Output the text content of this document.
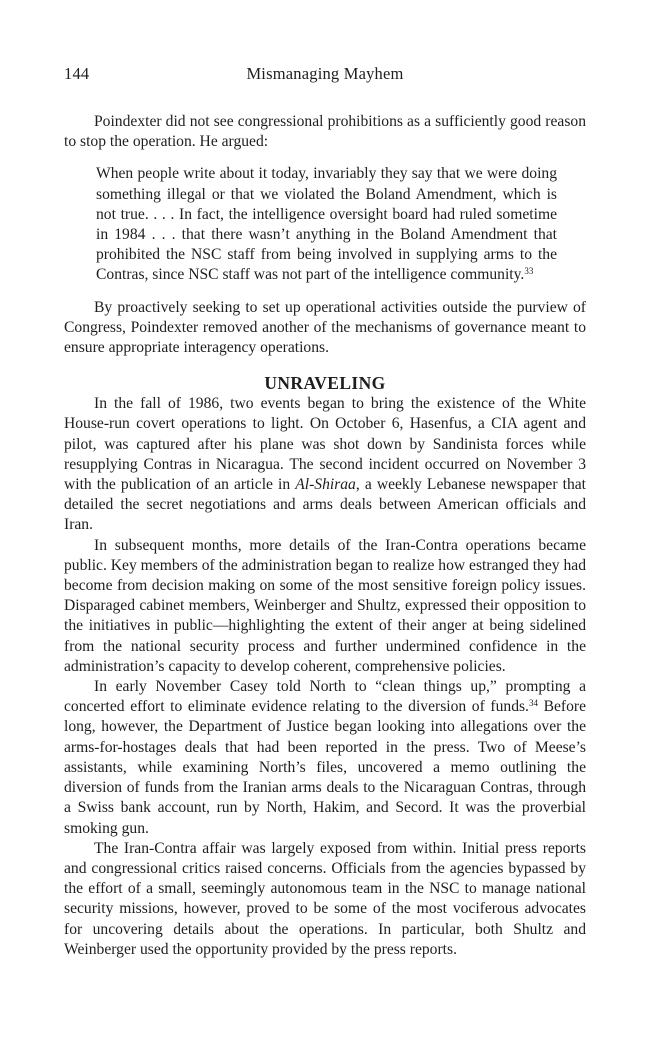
144	Mismanaging Mayhem

Poindexter did not see congressional prohibitions as a sufficiently good reason to stop the operation. He argued:

When people write about it today, invariably they say that we were doing something illegal or that we violated the Boland Amendment, which is not true. . . . In fact, the intelligence oversight board had ruled sometime in 1984 . . . that there wasn’t anything in the Boland Amendment that prohibited the NSC staff from being involved in supplying arms to the Contras, since NSC staff was not part of the intelligence community.$^{33}$

By proactively seeking to set up operational activities outside the purview of Congress, Poindexter removed another of the mechanisms of governance meant to ensure appropriate interagency operations.

UNRAVELING

In the fall of 1986, two events began to bring the existence of the White House-run covert operations to light. On October 6, Hasenfus, a CIA agent and pilot, was captured after his plane was shot down by Sandinista forces while resupplying Contras in Nicaragua. The second incident occurred on November 3 with the publication of an article in Al-Shiraa, a weekly Lebanese newspaper that detailed the secret negotiations and arms deals between American officials and Iran.

In subsequent months, more details of the Iran-Contra operations became public. Key members of the administration began to realize how estranged they had become from decision making on some of the most sensitive foreign policy issues. Disparaged cabinet members, Weinberger and Shultz, expressed their opposition to the initiatives in public—highlighting the extent of their anger at being sidelined from the national security process and further undermined confidence in the administration’s capacity to develop coherent, comprehensive policies.

In early November Casey told North to “clean things up,” prompting a concerted effort to eliminate evidence relating to the diversion of funds.$^{34}$ Before long, however, the Department of Justice began looking into allegations over the arms-for-hostages deals that had been reported in the press. Two of Meese’s assistants, while examining North’s files, uncovered a memo outlining the diversion of funds from the Iranian arms deals to the Nicaraguan Contras, through a Swiss bank account, run by North, Hakim, and Secord. It was the proverbial smoking gun.

The Iran-Contra affair was largely exposed from within. Initial press reports and congressional critics raised concerns. Officials from the agencies bypassed by the effort of a small, seemingly autonomous team in the NSC to manage national security missions, however, proved to be some of the most vociferous advocates for uncovering details about the operations. In particular, both Shultz and Weinberger used the opportunity provided by the press reports.
